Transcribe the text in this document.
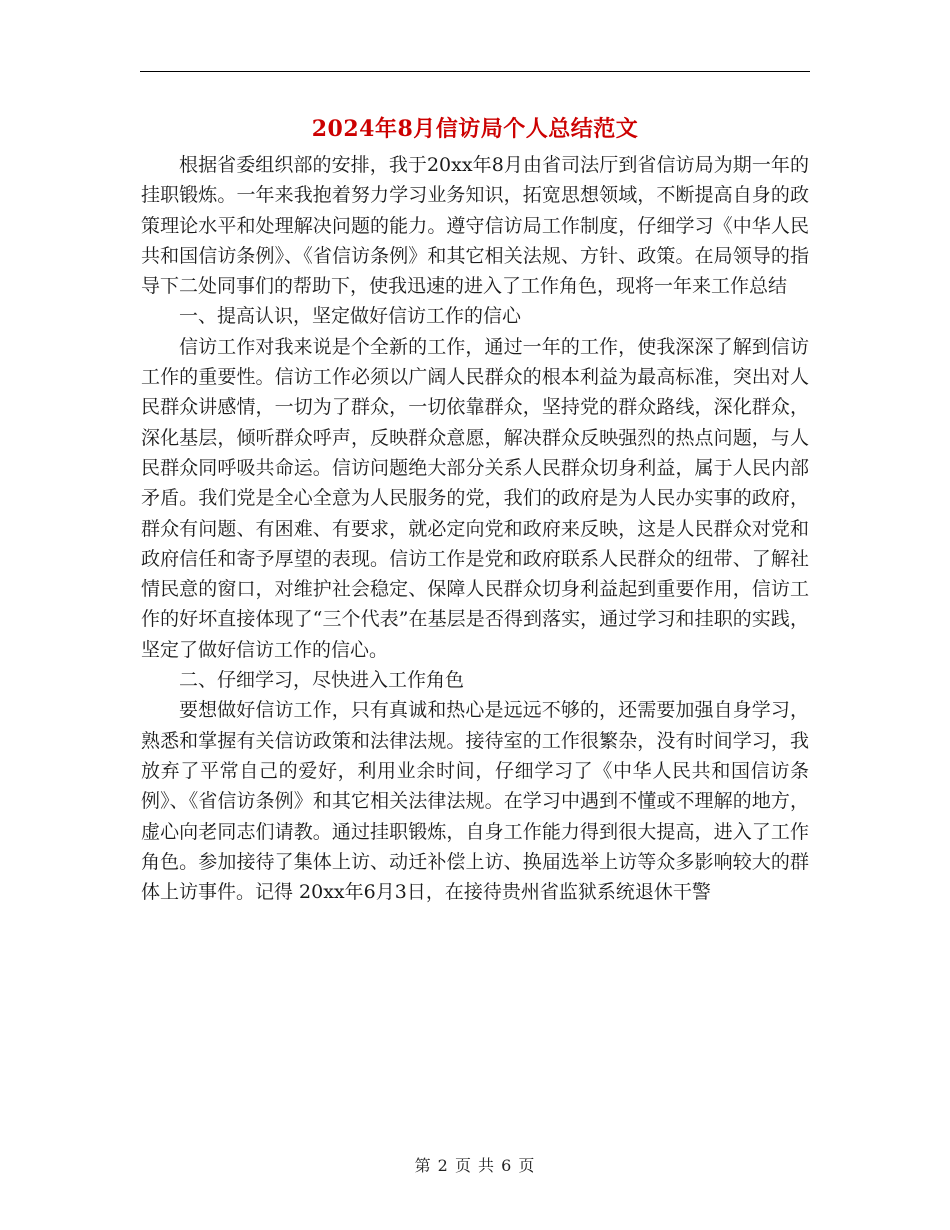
2024年8月信访局个人总结范文

根据省委组织部的安排，我于20xx年8月由省司法厅到省信访局为期一年的挂职锻炼。一年来我抱着努力学习业务知识，拓宽思想领域，不断提高自身的政策理论水平和处理解决问题的能力。遵守信访局工作制度，仔细学习《中华人民共和国信访条例》、《省信访条例》和其它相关法规、方针、政策。在局领导的指导下二处同事们的帮助下，使我迅速的进入了工作角色，现将一年来工作总结

一、提高认识，坚定做好信访工作的信心

信访工作对我来说是个全新的工作，通过一年的工作，使我深深了解到信访工作的重要性。信访工作必须以广阔人民群众的根本利益为最高标准，突出对人民群众讲感情，一切为了群众，一切依靠群众，坚持党的群众路线，深化群众，深化基层，倾听群众呼声，反映群众意愿，解决群众反映强烈的热点问题，与人民群众同呼吸共命运。信访问题绝大部分关系人民群众切身利益，属于人民内部矛盾。我们党是全心全意为人民服务的党，我们的政府是为人民办实事的政府，群众有问题、有困难、有要求，就必定向党和政府来反映，这是人民群众对党和政府信任和寄予厚望的表现。信访工作是党和政府联系人民群众的纽带、了解社情民意的窗口，对维护社会稳定、保障人民群众切身利益起到重要作用，信访工作的好坏直接体现了“三个代表”在基层是否得到落实，通过学习和挂职的实践，坚定了做好信访工作的信心。

二、仔细学习，尽快进入工作角色

要想做好信访工作，只有真诚和热心是远远不够的，还需要加强自身学习，熟悉和掌握有关信访政策和法律法规。接待室的工作很繁杂，没有时间学习，我放弃了平常自己的爱好，利用业余时间，仔细学习了《中华人民共和国信访条例》、《省信访条例》和其它相关法律法规。在学习中遇到不懂或不理解的地方，虚心向老同志们请教。通过挂职锻炼，自身工作能力得到很大提高，进入了工作角色。参加接待了集体上访、动迁补偿上访、换届选举上访等众多影响较大的群体上访事件。记得 20xx年6月3日，在接待贵州省监狱系统退休干警

第 2 页 共 6 页
